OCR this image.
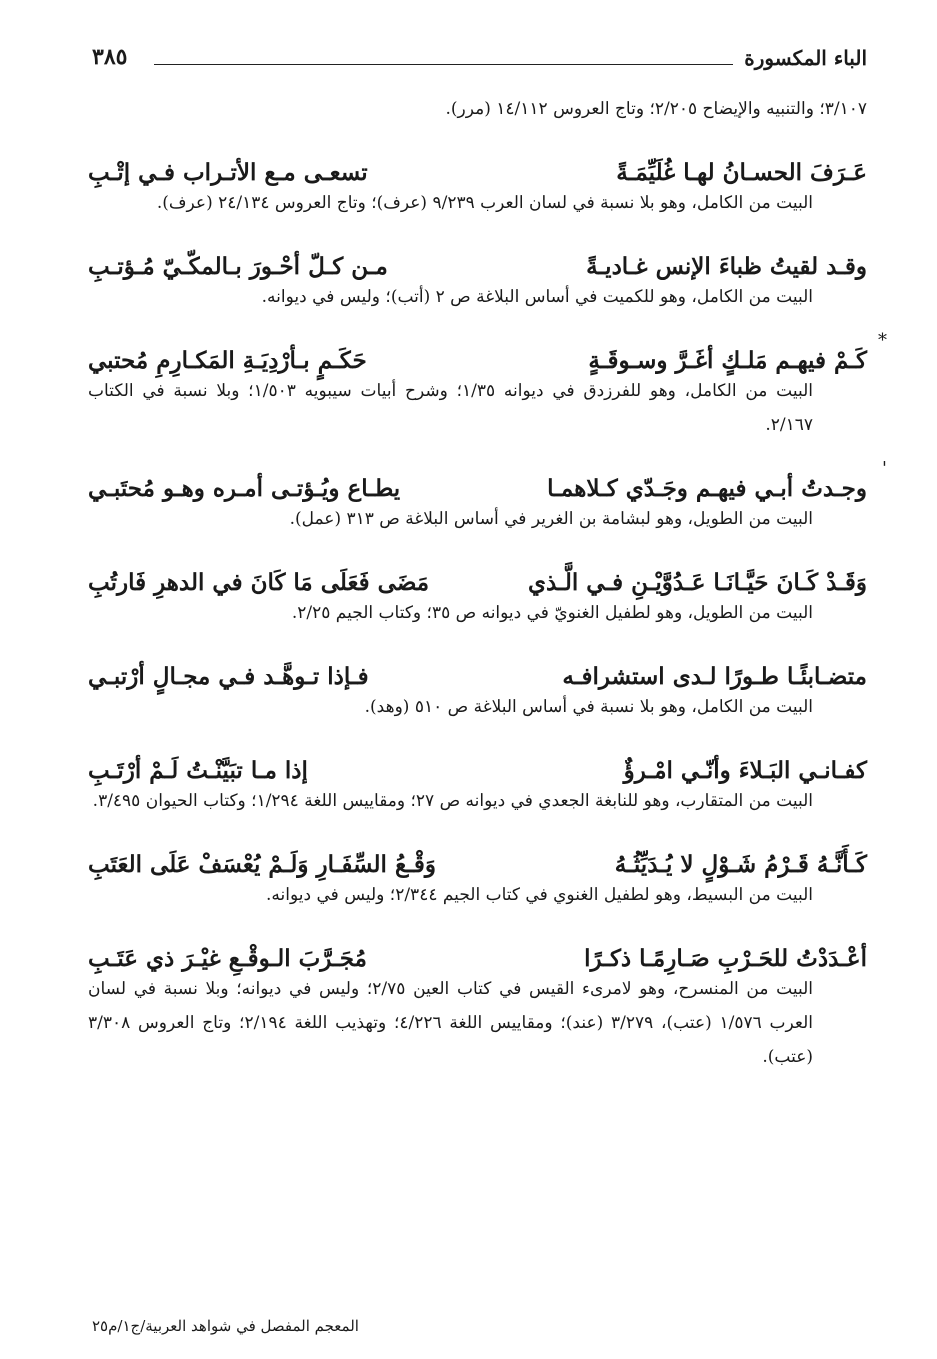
الباء المكسورة
٣٨٥

٣/١٠٧؛ والتنبيه والإيضاح ٢/٢٠٥؛ وتاج العروس ١٤/١١٢ (مرر).

عَـرَفَ الحسـانُ لهـا غُلَيِّمَـةً
تسعـى مـع الأتـراب فـي إتْـبِ

البيت من الكامل، وهو بلا نسبة في لسان العرب ٩/٢٣٩ (عرف)؛ وتاج العروس ٢٤/١٣٤ (عرف).

وقـد لقيتُ ظباءَ الإنس غـاديـةً
مـن كـلّ أحْـورَ بـالمكّـيّ مُـؤتـبِ

البيت من الكامل، وهو للكميت في أساس البلاغة ص ٢ (أتب)؛ وليس في ديوانه.

*
كَـمْ فيهـم مَلـكٍ أغَـرَّ وسـوقَـةٍ
حَكَـمٍ بـأرْدِيَـةِ المَكـارِمِ مُحتبي

البيت من الكامل، وهو للفرزدق في ديوانه ١/٣٥؛ وشرح أبيات سيبويه ١/٥٠٣؛ وبلا نسبة في الكتاب ٢/١٦٧.

'
وجـدتُ أبـي فيهـم وجَـدّي كـلاهمـا
يطـاع ويُـؤتـى أمـره وهـو مُحتَبـي

البيت من الطويل، وهو لبشامة بن الغرير في أساس البلاغة ص ٣١٣ (عمل).

وَقَـدْ كَـانَ حَيَّـانَـا عَـدُوَّيْـنِ فـي الَّـذي
مَضَى فَعَلَى مَا كَانَ في الدهرِ فَارتُبِ

البيت من الطويل، وهو لطفيل الغنويّ في ديوانه ص ٣٥؛ وكتاب الجيم ٢/٢٥.

متضـابئًـا طـورًا لـدى استشرافـه
فـإذا تـوهَّـد فـي مجـالٍ أرْتبـي

البيت من الكامل، وهو بلا نسبة في أساس البلاغة ص ٥١٠ (وهد).

كفـانـي البَـلاءَ وأنّـي امْـرؤٌ
إذا مـا تبَيَّنْـتُ لَـمْ أرْتَـبِ

البيت من المتقارب، وهو للنابغة الجعدي في ديوانه ص ٢٧؛ ومقاييس اللغة ١/٢٩٤؛ وكتاب الحيوان ٣/٤٩٥.

كَـأَنَّـهُ قَـرْمُ شَـوْلٍ لا يُـدَيِّثُـهُ
وَقْـعُ السِّفَـارِ وَلَـمْ يُعْسَفْ عَلَى العَتَبِ

البيت من البسيط، وهو لطفيل الغنوي في كتاب الجيم ٢/٣٤٤؛ وليس في ديوانه.

أعْـدَدْتُ للحَـرْبِ صَـارِمًـا ذكـرًا
مُجَـرَّبَ الـوقْـعِ غيْـرَ ذي عَتَـبِ

البيت من المنسرح، وهو لامرىء القيس في كتاب العين ٢/٧٥؛ وليس في ديوانه؛ وبلا نسبة في لسان العرب ١/٥٧٦ (عتب)، ٣/٢٧٩ (عند)؛ ومقاييس اللغة ٤/٢٢٦؛ وتهذيب اللغة ٢/١٩٤؛ وتاج العروس ٣/٣٠٨ (عتب).

المعجم المفصل في شواهد العربية/ج١/م٢٥
